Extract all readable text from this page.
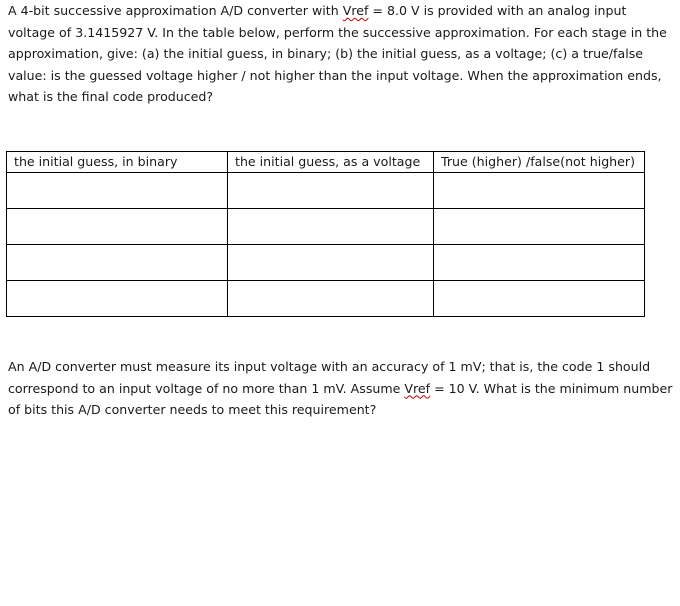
A 4-bit successive approximation A/D converter with Vref = 8.0 V is provided with an analog input voltage of 3.1415927 V. In the table below, perform the successive approximation. For each stage in the approximation, give: (a) the initial guess, in binary; (b) the initial guess, as a voltage; (c) a true/false value: is the guessed voltage higher / not higher than the input voltage. When the approximation ends, what is the final code produced?
the initial guess, in binary	the initial guess, as a voltage	True (higher) /false(not higher)

An A/D converter must measure its input voltage with an accuracy of 1 mV; that is, the code 1 should correspond to an input voltage of no more than 1 mV. Assume Vref = 10 V. What is the minimum number of bits this A/D converter needs to meet this requirement?
